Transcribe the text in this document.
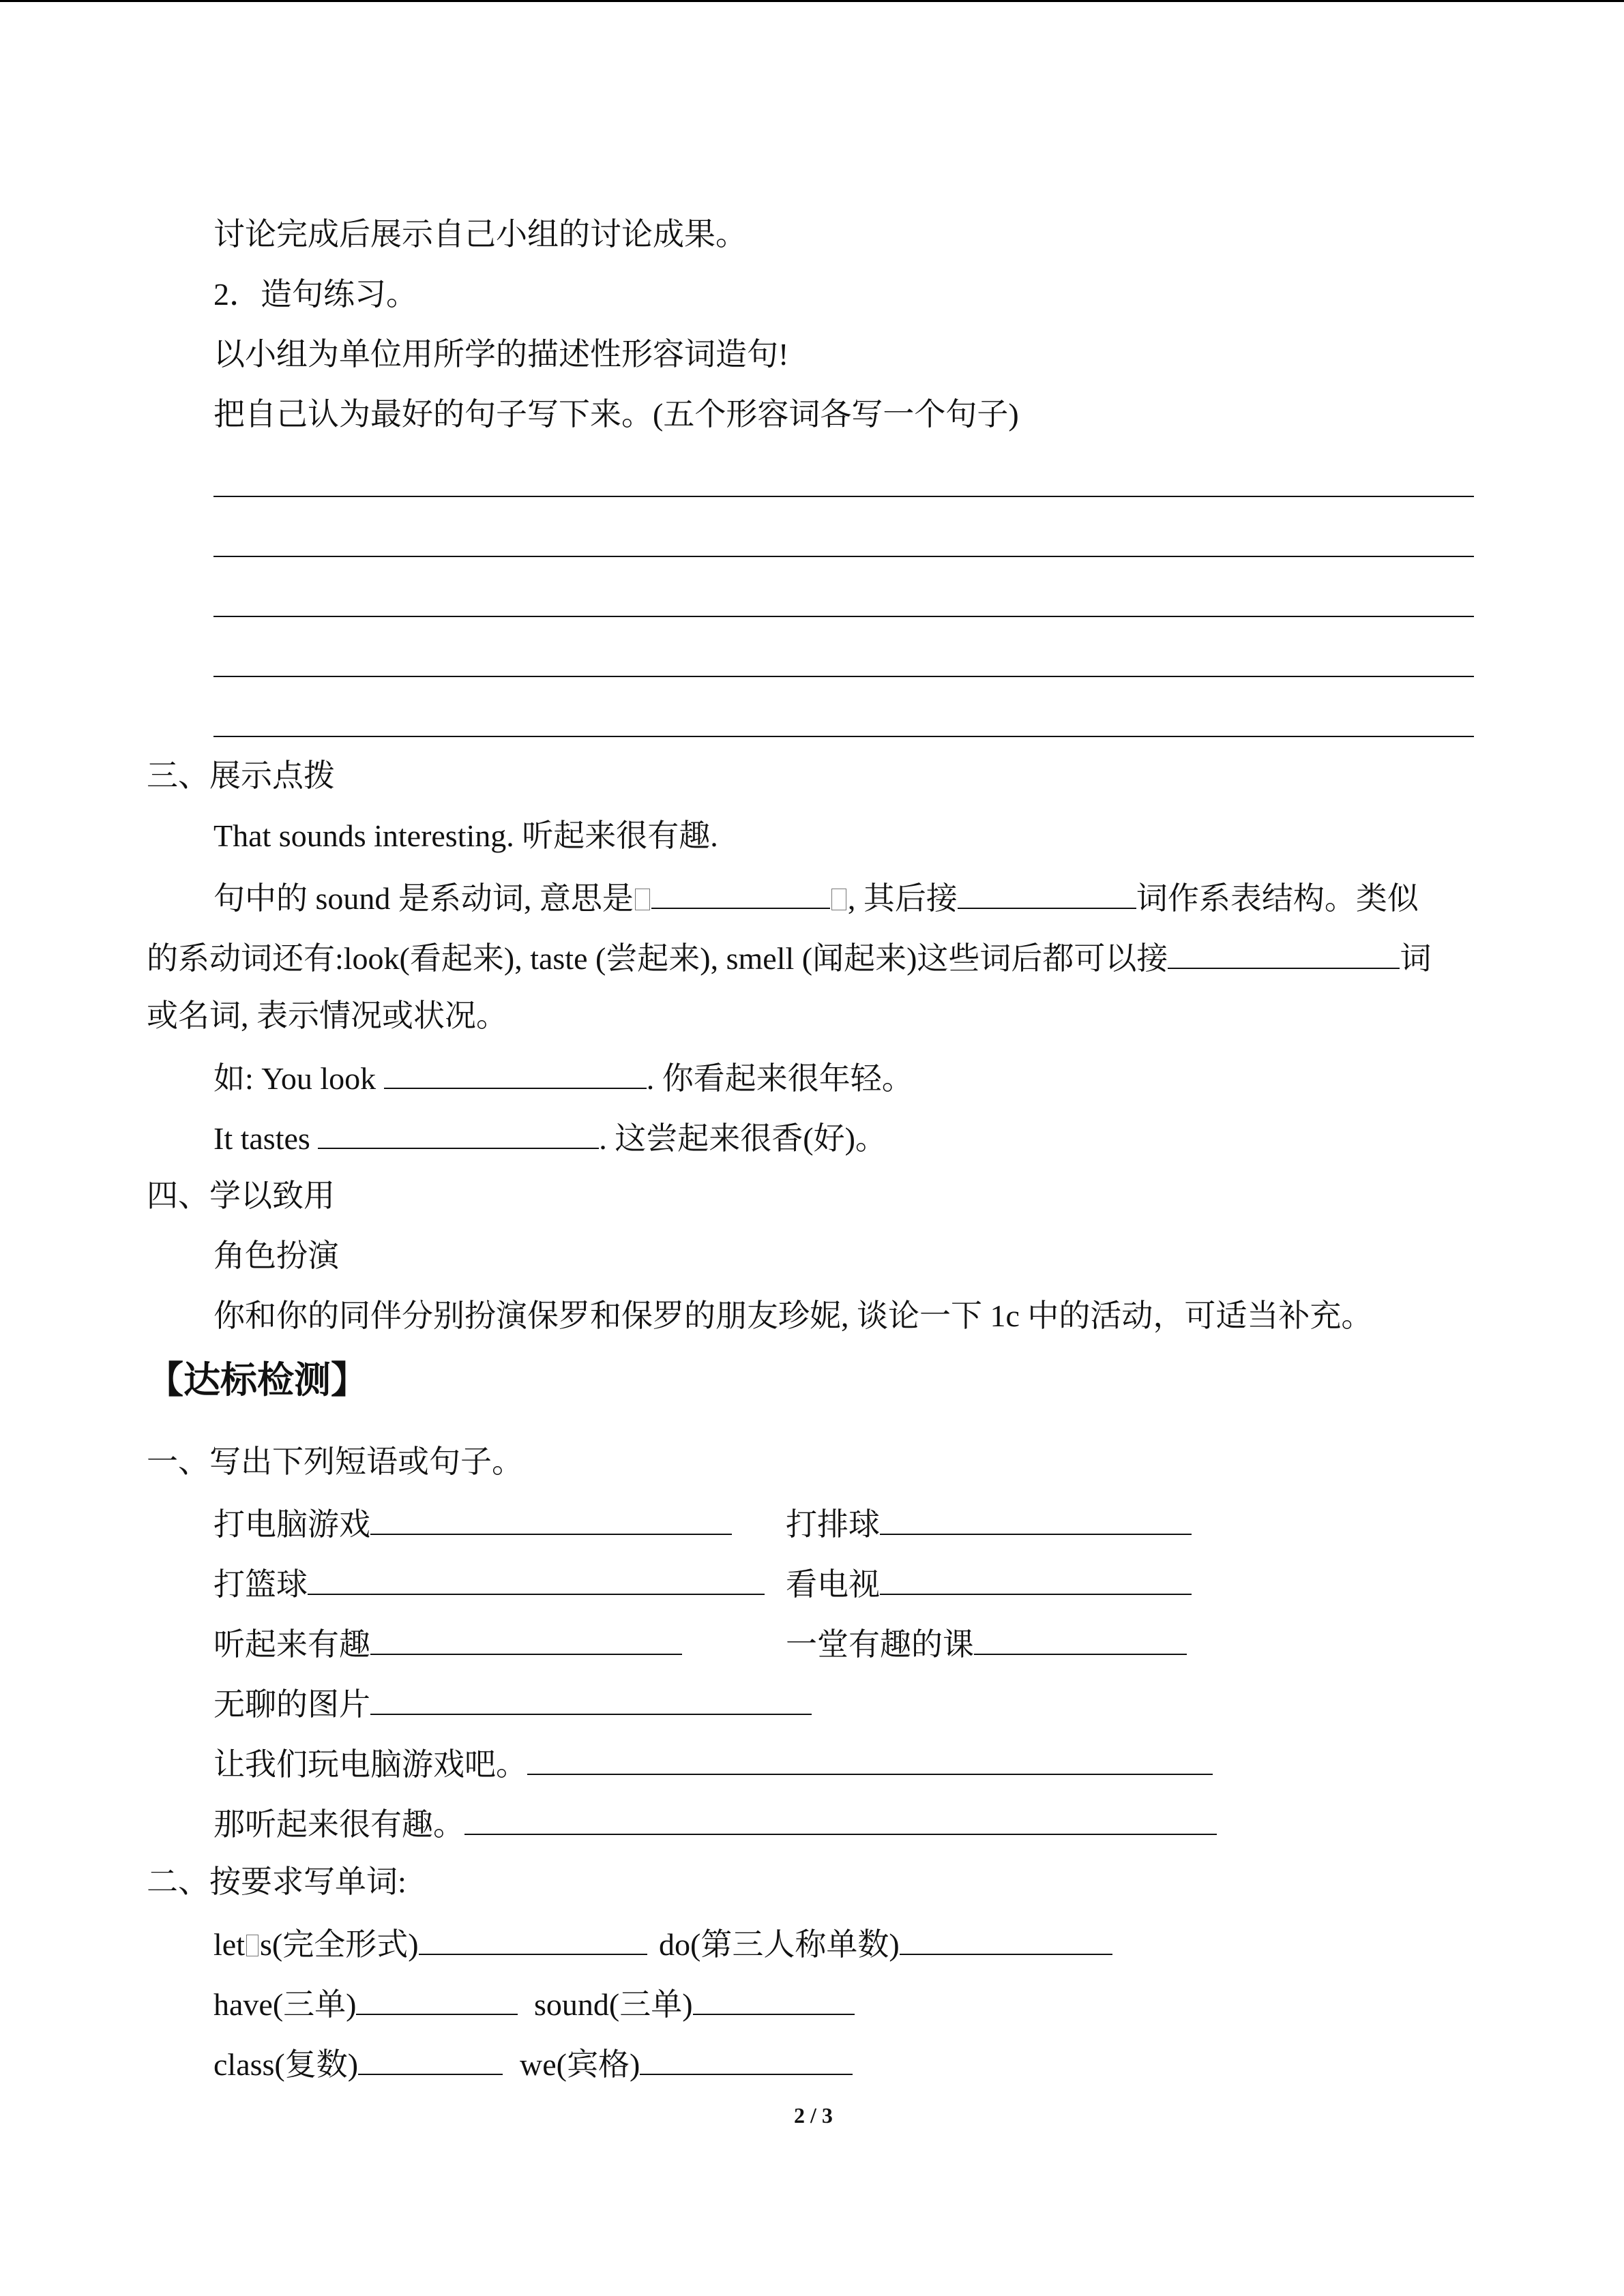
讨论完成后展示自己小组的讨论成果。
2．造句练习。
以小组为单位用所学的描述性形容词造句!
把自己认为最好的句子写下来。(五个形容词各写一个句子)
三、展示点拨
That sounds interesting. 听起来很有趣.
句中的 sound 是系动词, 意思是	, 其后接	词作系表结构。类似
的系动词还有:look(看起来), taste (尝起来), smell (闻起来)这些词后都可以接	词
或名词, 表示情况或状况。
如: You look	. 你看起来很年轻。
It tastes	. 这尝起来很香(好)。
四、学以致用
角色扮演
你和你的同伴分别扮演保罗和保罗的朋友珍妮, 谈论一下 1c 中的活动，可适当补充。
【达标检测】
一、写出下列短语或句子。
打电脑游戏	打排球
打篮球	看电视
听起来有趣	一堂有趣的课
无聊的图片
让我们玩电脑游戏吧。
那听起来很有趣。
二、按要求写单词:
let s(完全形式)	do(第三人称单数)
have(三单)	sound(三单)
class(复数)	we(宾格)
2 / 3
